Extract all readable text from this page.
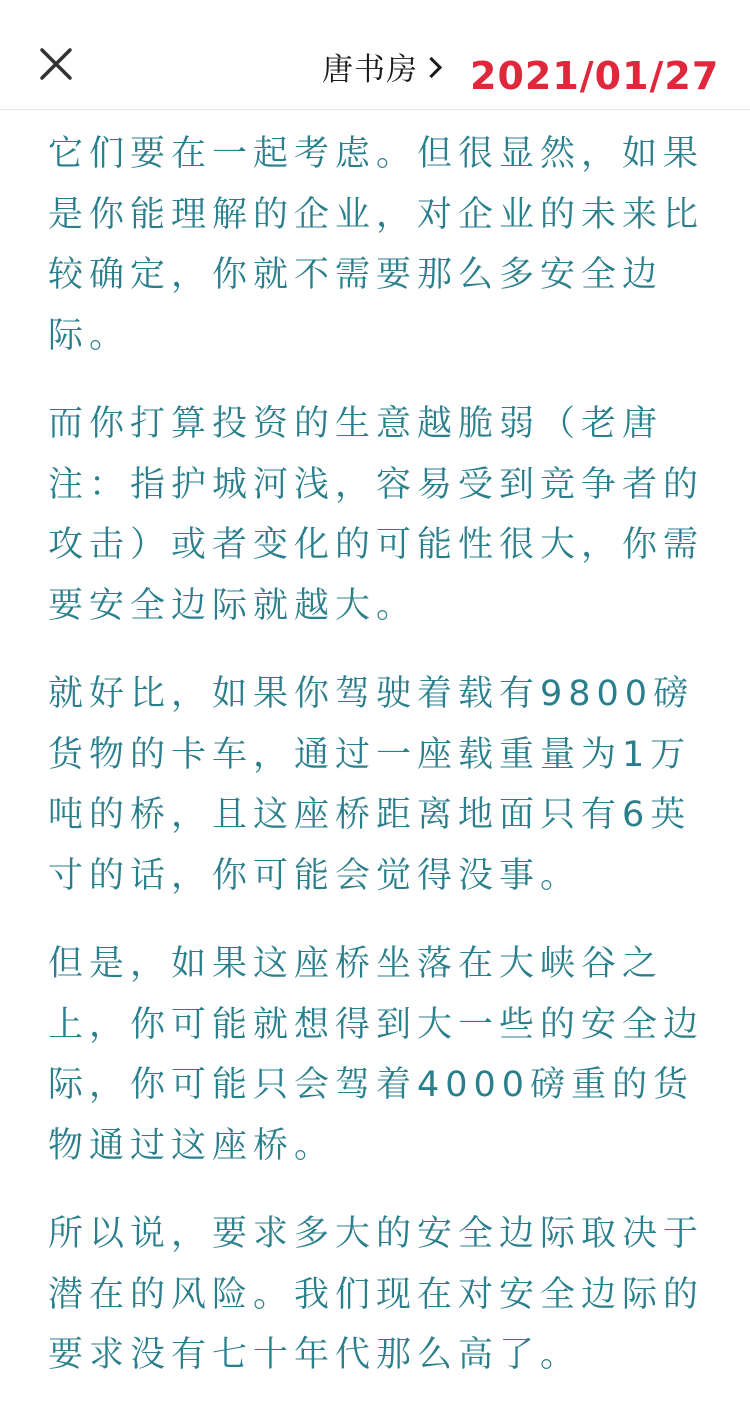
唐书房 2021/01/27

它们要在一起考虑。但很显然，如果是你能理解的企业，对企业的未来比较确定，你就不需要那么多安全边际。

而你打算投资的生意越脆弱（老唐注：指护城河浅，容易受到竞争者的攻击）或者变化的可能性很大，你需要安全边际就越大。

就好比，如果你驾驶着载有9800磅货物的卡车，通过一座载重量为1万吨的桥，且这座桥距离地面只有6英寸的话，你可能会觉得没事。

但是，如果这座桥坐落在大峡谷之上，你可能就想得到大一些的安全边际，你可能只会驾着4000磅重的货物通过这座桥。

所以说，要求多大的安全边际取决于潜在的风险。我们现在对安全边际的要求没有七十年代那么高了。
